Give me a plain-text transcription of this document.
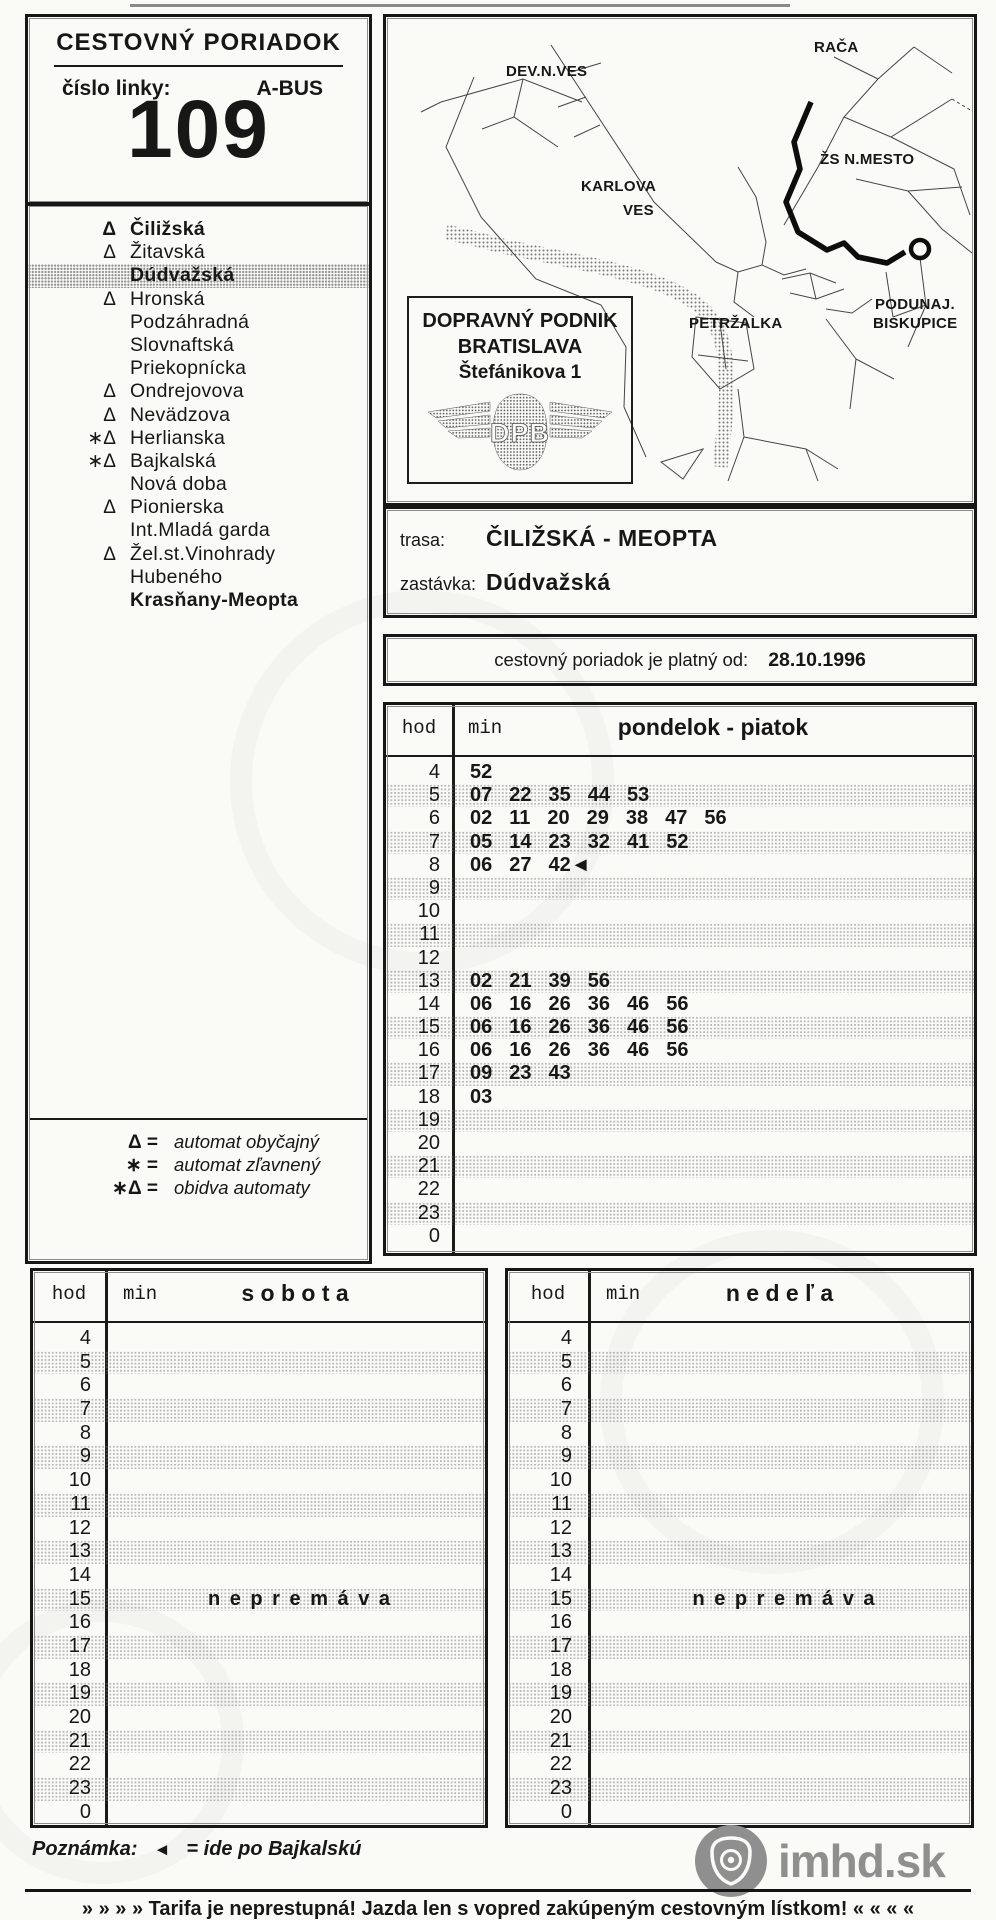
CESTOVNÝ PORIADOK
číslo linky:	A-BUS
109
Δ Čiližská
Δ Žitavská
Dúdvažská
Δ Hronská
Podzáhradná
Slovnaftská
Priekopnícka
Δ Ondrejovova
Δ Nevädzova
∗Δ Herlianska
∗Δ Bajkalská
Nová doba
Δ Pionierska
Int.Mladá garda
Δ Žel.st.Vinohrady
Hubeného
Krasňany-Meopta
Δ = automat obyčajný
∗ = automat zľavnený
∗Δ = obidva automaty
DEV.N.VES
RAČA
ŽS N.MESTO
KARLOVA
VES
PETRŽALKA
PODUNAJ.
BISKUPICE
DOPRAVNÝ PODNIK
BRATISLAVA
Štefánikova 1
DPB
trasa:	ČILIŽSKÁ - MEOPTA
zastávka: Dúdvažská
cestovný poriadok je platný od: 28.10.1996
hod	min	pondelok - piatok
4 52
5 07 22 35 44 53
6 02 11 20 29 38 47 56
7 05 14 23 32 41 52
8 06 27 42◄
9
10
11
12
13 02 21 39 56
14 06 16 26 36 46 56
15 06 16 26 36 46 56
16 06 16 26 36 46 56
17 09 23 43
18 03
19
20
21
22
23
0
hod	min	s o b o t a
4
5
6
7
8
9
10
11
12
13
14
15	n e p r e m á v a
16
17
18
19
20
21
22
23
0
hod	min	n e d e ľ a
4
5
6
7
8
9
10
11
12
13
14
15	n e p r e m á v a
16
17
18
19
20
21
22
23
0
Poznámka: ◄ = ide po Bajkalskú	imhd.sk
» » » » Tarifa je neprestupná! Jazda len s vopred zakúpeným cestovným lístkom! « « « «
